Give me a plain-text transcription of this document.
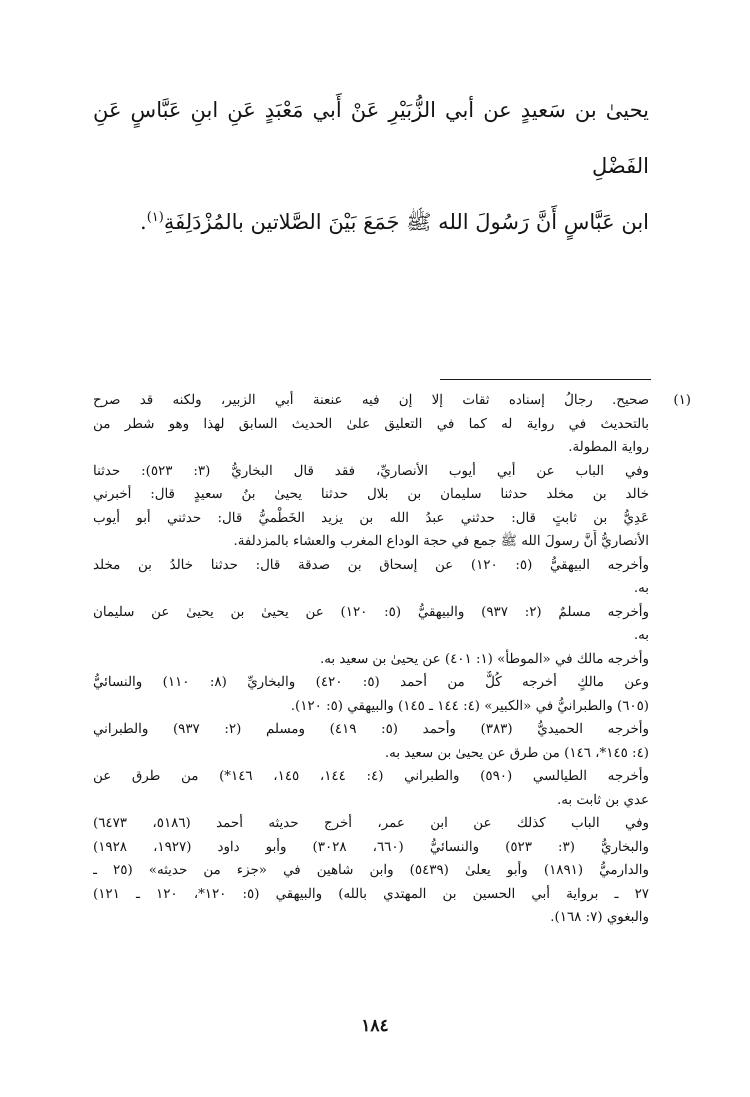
يحيىٰ بن سَعيدٍ عن أبي الزُّبَيْرِ عَنْ أَبي مَعْبَدٍ عَنِ ابنِ عَبَّاسٍ عَنِ الفَضْلِ

ابن عَبَّاسٍ أَنَّ رَسُولَ الله ﷺ جَمَعَ بَيْنَ الصَّلاتين بالمُزْدَلِفَةِ$^{(١)}$.

(١)

صحيح. رجالُ إسناده ثقات إلا إن فيه عنعنة أبي الزبير، ولكنه قد صرح

بالتحديث في رواية له كما في التعليق علىٰ الحديث السابق لهذا وهو شطر من

رواية المطولة.

وفي الباب عن أبي أيوب الأنصاريِّ، فقد قال البخاريُّ (٣: ٥٢٣): حدثنا

خالد بن مخلد حدثنا سليمان بن بلال حدثنا يحيىٰ بنُ سعيدٍ قال: أخبرني

عَدِيُّ بن ثابتٍ قال: حدثني عبدُ الله بن يزيد الخَطْميُّ قال: حدثني أبو أيوب

الأنصاريُّ أَنَّ رسولَ الله ﷺ جمع في حجة الوداع المغرب والعشاء بالمزدلفة.

وأخرجه البيهقيُّ (٥: ١٢٠) عن إسحاق بن صدقة قال: حدثنا خالدُ بن مخلد

به.

وأخرجه مسلمٌ (٢: ٩٣٧) والبيهقيُّ (٥: ١٢٠) عن يحيىٰ بن يحيىٰ عن سليمان

به.

وأخرجه مالك في «الموطأ» (١: ٤٠١) عن يحيىٰ بن سعيد به.

وعن مالكٍ أخرجه كُلٌّ من أحمد (٥: ٤٢٠) والبخاريِّ (٨: ١١٠) والنسائيُّ

(٦٠٥) والطبرانيُّ في «الكبير» (٤: ١٤٤ ـ ١٤٥) والبيهقي (٥: ١٢٠).

وأخرجه الحميديُّ (٣٨٣) وأحمد (٥: ٤١٩) ومسلم (٢: ٩٣٧) والطبراني

(٤: ١٤٥*، ١٤٦) من طرق عن يحيىٰ بن سعيد به.

وأخرجه الطيالسي (٥٩٠) والطبراني (٤: ١٤٤، ١٤٥، ١٤٦*) من طرق عن

عدي بن ثابت به.

وفي الباب كذلك عن ابن عمر، أخرج حديثه أحمد (٥١٨٦، ٦٤٧٣)

والبخاريُّ (٣: ٥٢٣) والنسائيُّ (٦٦٠، ٣٠٢٨) وأبو داود (١٩٢٧، ١٩٢٨)

والدارميُّ (١٨٩١) وأبو يعلىٰ (٥٤٣٩) وابن شاهين في «جزء من حديثه» (٢٥ ـ

٢٧ ـ برواية أبي الحسين بن المهتدي بالله) والبيهقي (٥: ١٢٠*، ١٢٠ ـ ١٢١)

والبغوي (٧: ١٦٨).

١٨٤
